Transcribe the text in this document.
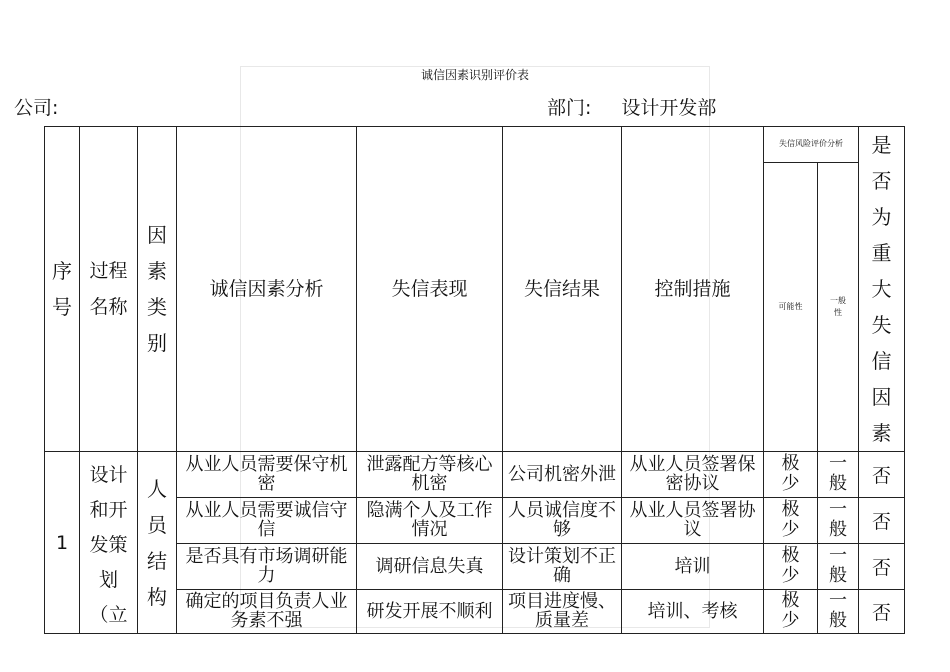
诚信因素识别评价表
公司:	部门: 设计开发部
序号	过程名称	因素类别	诚信因素分析	失信表现	失信结果	控制措施	失信风险评价分析		是否为重大失信因素

							可能性	一般性	

1	设计和开发策划（立	人员结构	从业人员需要保守机密	泄露配方等核心机密	公司机密外泄	从业人员签署保密协议	极少	一般	否
			从业人员需要诚信守信	隐满个人及工作情况	人员诚信度不够	从业人员签署协议	极少	一般	否
			是否具有市场调研能力	调研信息失真	设计策划不正确	培训	极少	一般	否
			确定的项目负责人业务素不强	研发开展不顺利	项目进度慢、质量差	培训、考核	极少	一般	否
